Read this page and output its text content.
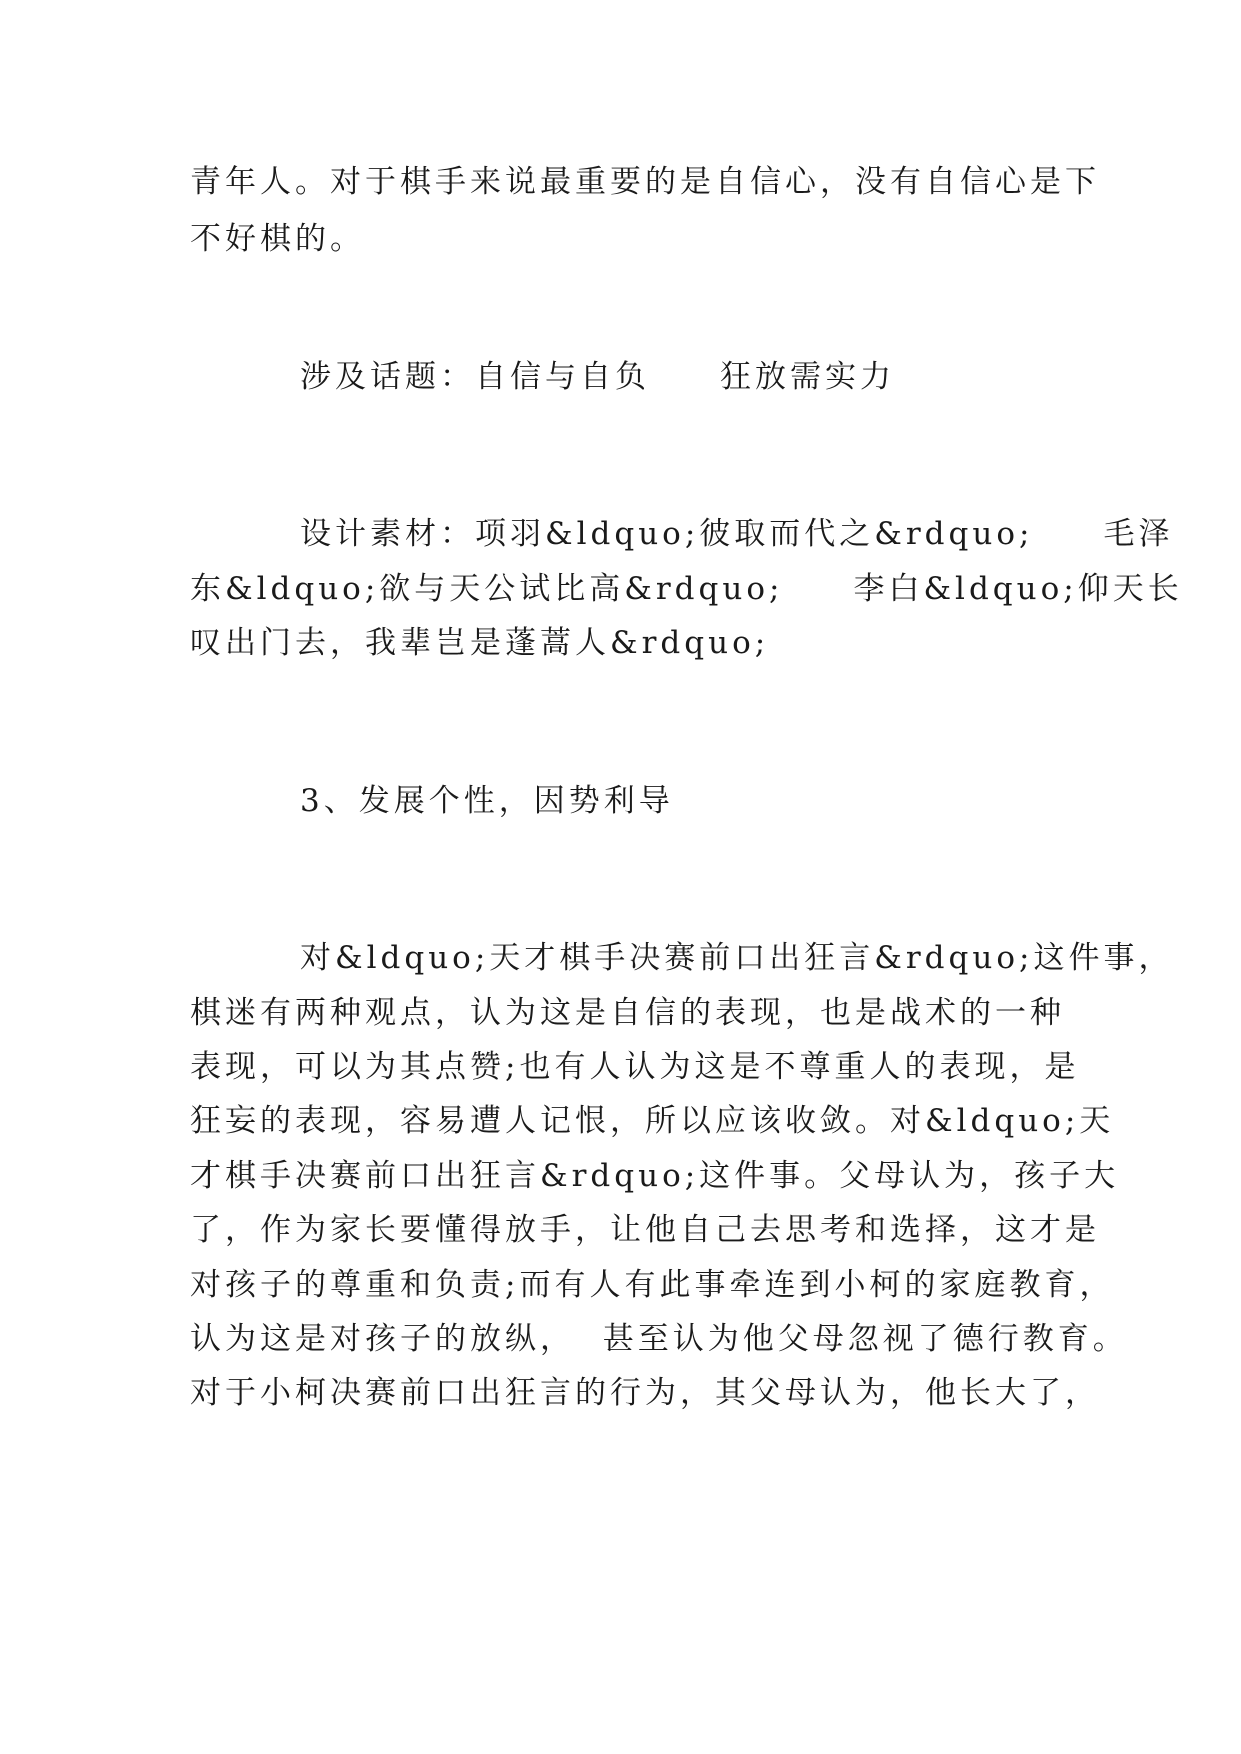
青年人。对于棋手来说最重要的是自信心，没有自信心是下
不好棋的。
涉及话题：自信与自负　　狂放需实力
设计素材：项羽&ldquo;彼取而代之&rdquo;　　毛泽
东&ldquo;欲与天公试比高&rdquo;　　李白&ldquo;仰天长
叹出门去，我辈岂是蓬蒿人&rdquo;
3、发展个性，因势利导
对&ldquo;天才棋手决赛前口出狂言&rdquo;这件事，
棋迷有两种观点，认为这是自信的表现，也是战术的一种
表现，可以为其点赞;也有人认为这是不尊重人的表现，是
狂妄的表现，容易遭人记恨，所以应该收敛。对&ldquo;天
才棋手决赛前口出狂言&rdquo;这件事。父母认为，孩子大
了，作为家长要懂得放手，让他自己去思考和选择，这才是
对孩子的尊重和负责;而有人有此事牵连到小柯的家庭教育，
认为这是对孩子的放纵，  甚至认为他父母忽视了德行教育。
对于小柯决赛前口出狂言的行为，其父母认为，他长大了，
